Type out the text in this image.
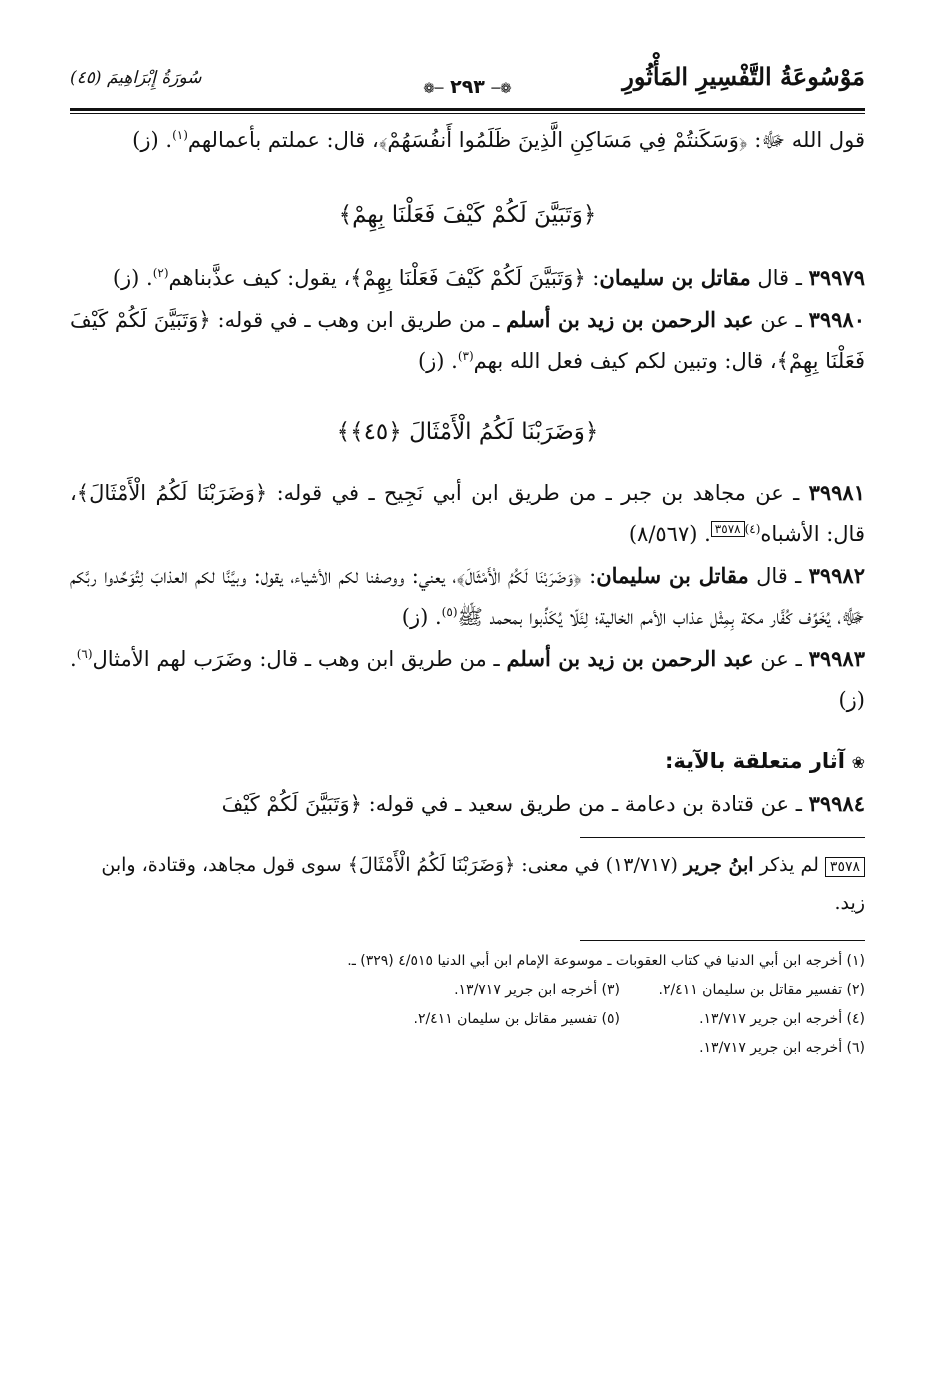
مَوْسُوعَةُ التَّفْسِيرِ المَأْثُورِ
❁─ ٢٩٣ ─❁
سُورَةُ إِبْرَاهِيمَ (٤٥)

قول الله ﷻ: ﴿وَسَكَنتُمْ فِي مَسَاكِنِ الَّذِينَ ظَلَمُوا أَنفُسَهُمْ﴾، قال: عملتم بأعمالهم$^{(١)}$. (ز)

﴿وَتَبَيَّنَ لَكُمْ كَيْفَ فَعَلْنَا بِهِمْ﴾

٣٩٩٧٩ ـ قال مقاتل بن سليمان: ﴿وَتَبَيَّنَ لَكُمْ كَيْفَ فَعَلْنَا بِهِمْ﴾، يقول: كيف عذَّبناهم$^{(٢)}$. (ز)

٣٩٩٨٠ ـ عن عبد الرحمن بن زيد بن أسلم ـ من طريق ابن وهب ـ في قوله: ﴿وَتَبَيَّنَ لَكُمْ كَيْفَ فَعَلْنَا بِهِمْ﴾، قال: وتبين لكم كيف فعل الله بهم$^{(٣)}$. (ز)

﴿وَضَرَبْنَا لَكُمُ الْأَمْثَالَ ﴿٤٥﴾﴾

٣٩٩٨١ ـ عن مجاهد بن جبر ـ من طريق ابن أبي نَجِيح ـ في قوله: ﴿وَضَرَبْنَا لَكُمُ الْأَمْثَالَ﴾، قال: الأشباه$^{(٤)}$٣٥٧٨. (٨/٥٦٧)

٣٩٩٨٢ ـ قال مقاتل بن سليمان: ﴿وَضَرَبْنَا لَكُمُ الْأَمْثَالَ﴾، يعني: ووصفنا لكم الأشياء، يقول: وبيَّنَّا لكم العذابَ لِتُوَحِّدوا ربَّكم ﷻ، يُخَوِّف كُفَّار مكة بِمِثْل عذاب الأمم الخالية؛ لِئَلّا يُكَذِّبوا بمحمد ﷺ$^{(٥)}$. (ز)

٣٩٩٨٣ ـ عن عبد الرحمن بن زيد بن أسلم ـ من طريق ابن وهب ـ قال: وضَرَب لهم الأمثال$^{(٦)}$. (ز)

❀ آثار متعلقة بالآية:

٣٩٩٨٤ ـ عن قتادة بن دعامة ـ من طريق سعيد ـ في قوله: ﴿وَتَبَيَّنَ لَكُمْ كَيْفَ

٣٥٧٨ لم يذكر ابنُ جرير (١٣/٧١٧) في معنى: ﴿وَضَرَبْنَا لَكُمُ الْأَمْثَالَ﴾ سوى قول مجاهد، وقتادة، وابن زيد.

(١) أخرجه ابن أبي الدنيا في كتاب العقوبات ـ موسوعة الإمام ابن أبي الدنيا ٤/٥١٥ (٣٢٩) ـ.
(٢) تفسير مقاتل بن سليمان ٢/٤١١.
(٣) أخرجه ابن جرير ١٣/٧١٧.
(٤) أخرجه ابن جرير ١٣/٧١٧.
(٥) تفسير مقاتل بن سليمان ٢/٤١١.
(٦) أخرجه ابن جرير ١٣/٧١٧.
